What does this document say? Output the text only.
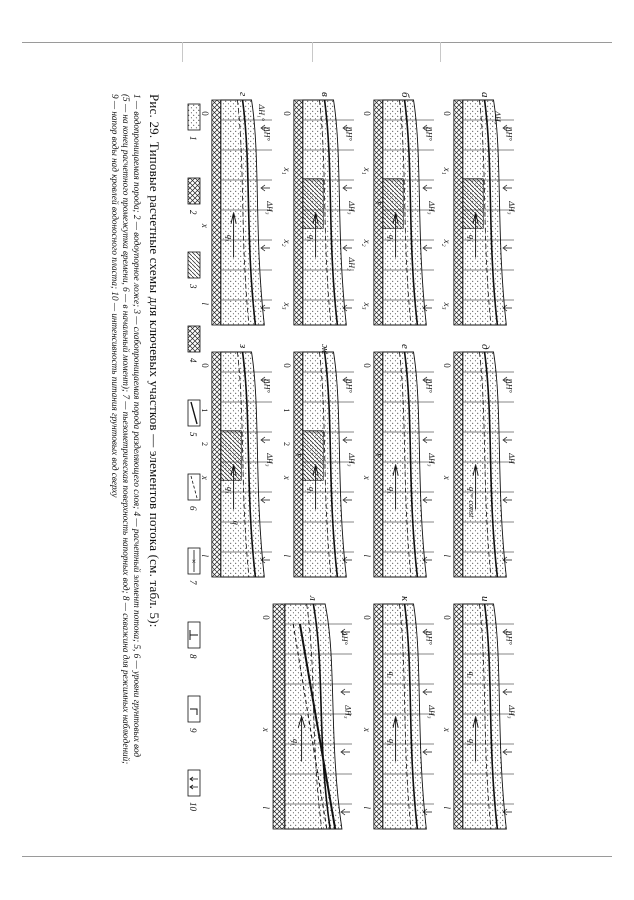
а
0
x₁
x₂
x₃
ΔH°
ΔH₃
q₁
ΔHₒ
б
0
x₁
x₂
x₃
ΔH°
ΔH₃
q₁
ε
в
0
x₁
x₂
x₃
ΔH°
ΔH₃
q₁
ΔH₂
г
0
x
l
ΔH°
ΔH₃
q₁
ΔH₁°
д
0
x
l
ΔH°
ΔH
q = const
е
0
x
l
ΔH°
ΔH₃
q₁
ε
ж
0
x
l
ΔH°
ΔH₃
q₁
ε
1
2
з
0
x
l
ΔH°
ΔH₃
q₁
1
2
q
и
0
x
l
ΔH°
ΔH₃
q₁
q₂
к
0
x
l
ΔH°
ΔH₃
q₁
q₂
л
0
x
l
ΔH°
ΔH₃
q₁
1
2
3
4
5
6
×
7
8
9
10
Рис. 29. Типовые расчетные схемы для ключевых участков — элементов потока (см. табл. 5):
1 — водопроницаемая порода; 2 — водоупорное ложе; 3 — слабопроницаемая порода разделяющего слоя; 4 — расчетный элемент потока; 5, 6 — уровни грунтовых вод
(5 — на конец расчетного промежутка времени, 6 — в начальный момент); 7 — пьезометрическая поверхность напорных вод; 8 — скважина для режимных наблюдений;
9 — напор воды над кровлей водоносного пласта; 10 — интенсивность питания грунтовых вод сверху
